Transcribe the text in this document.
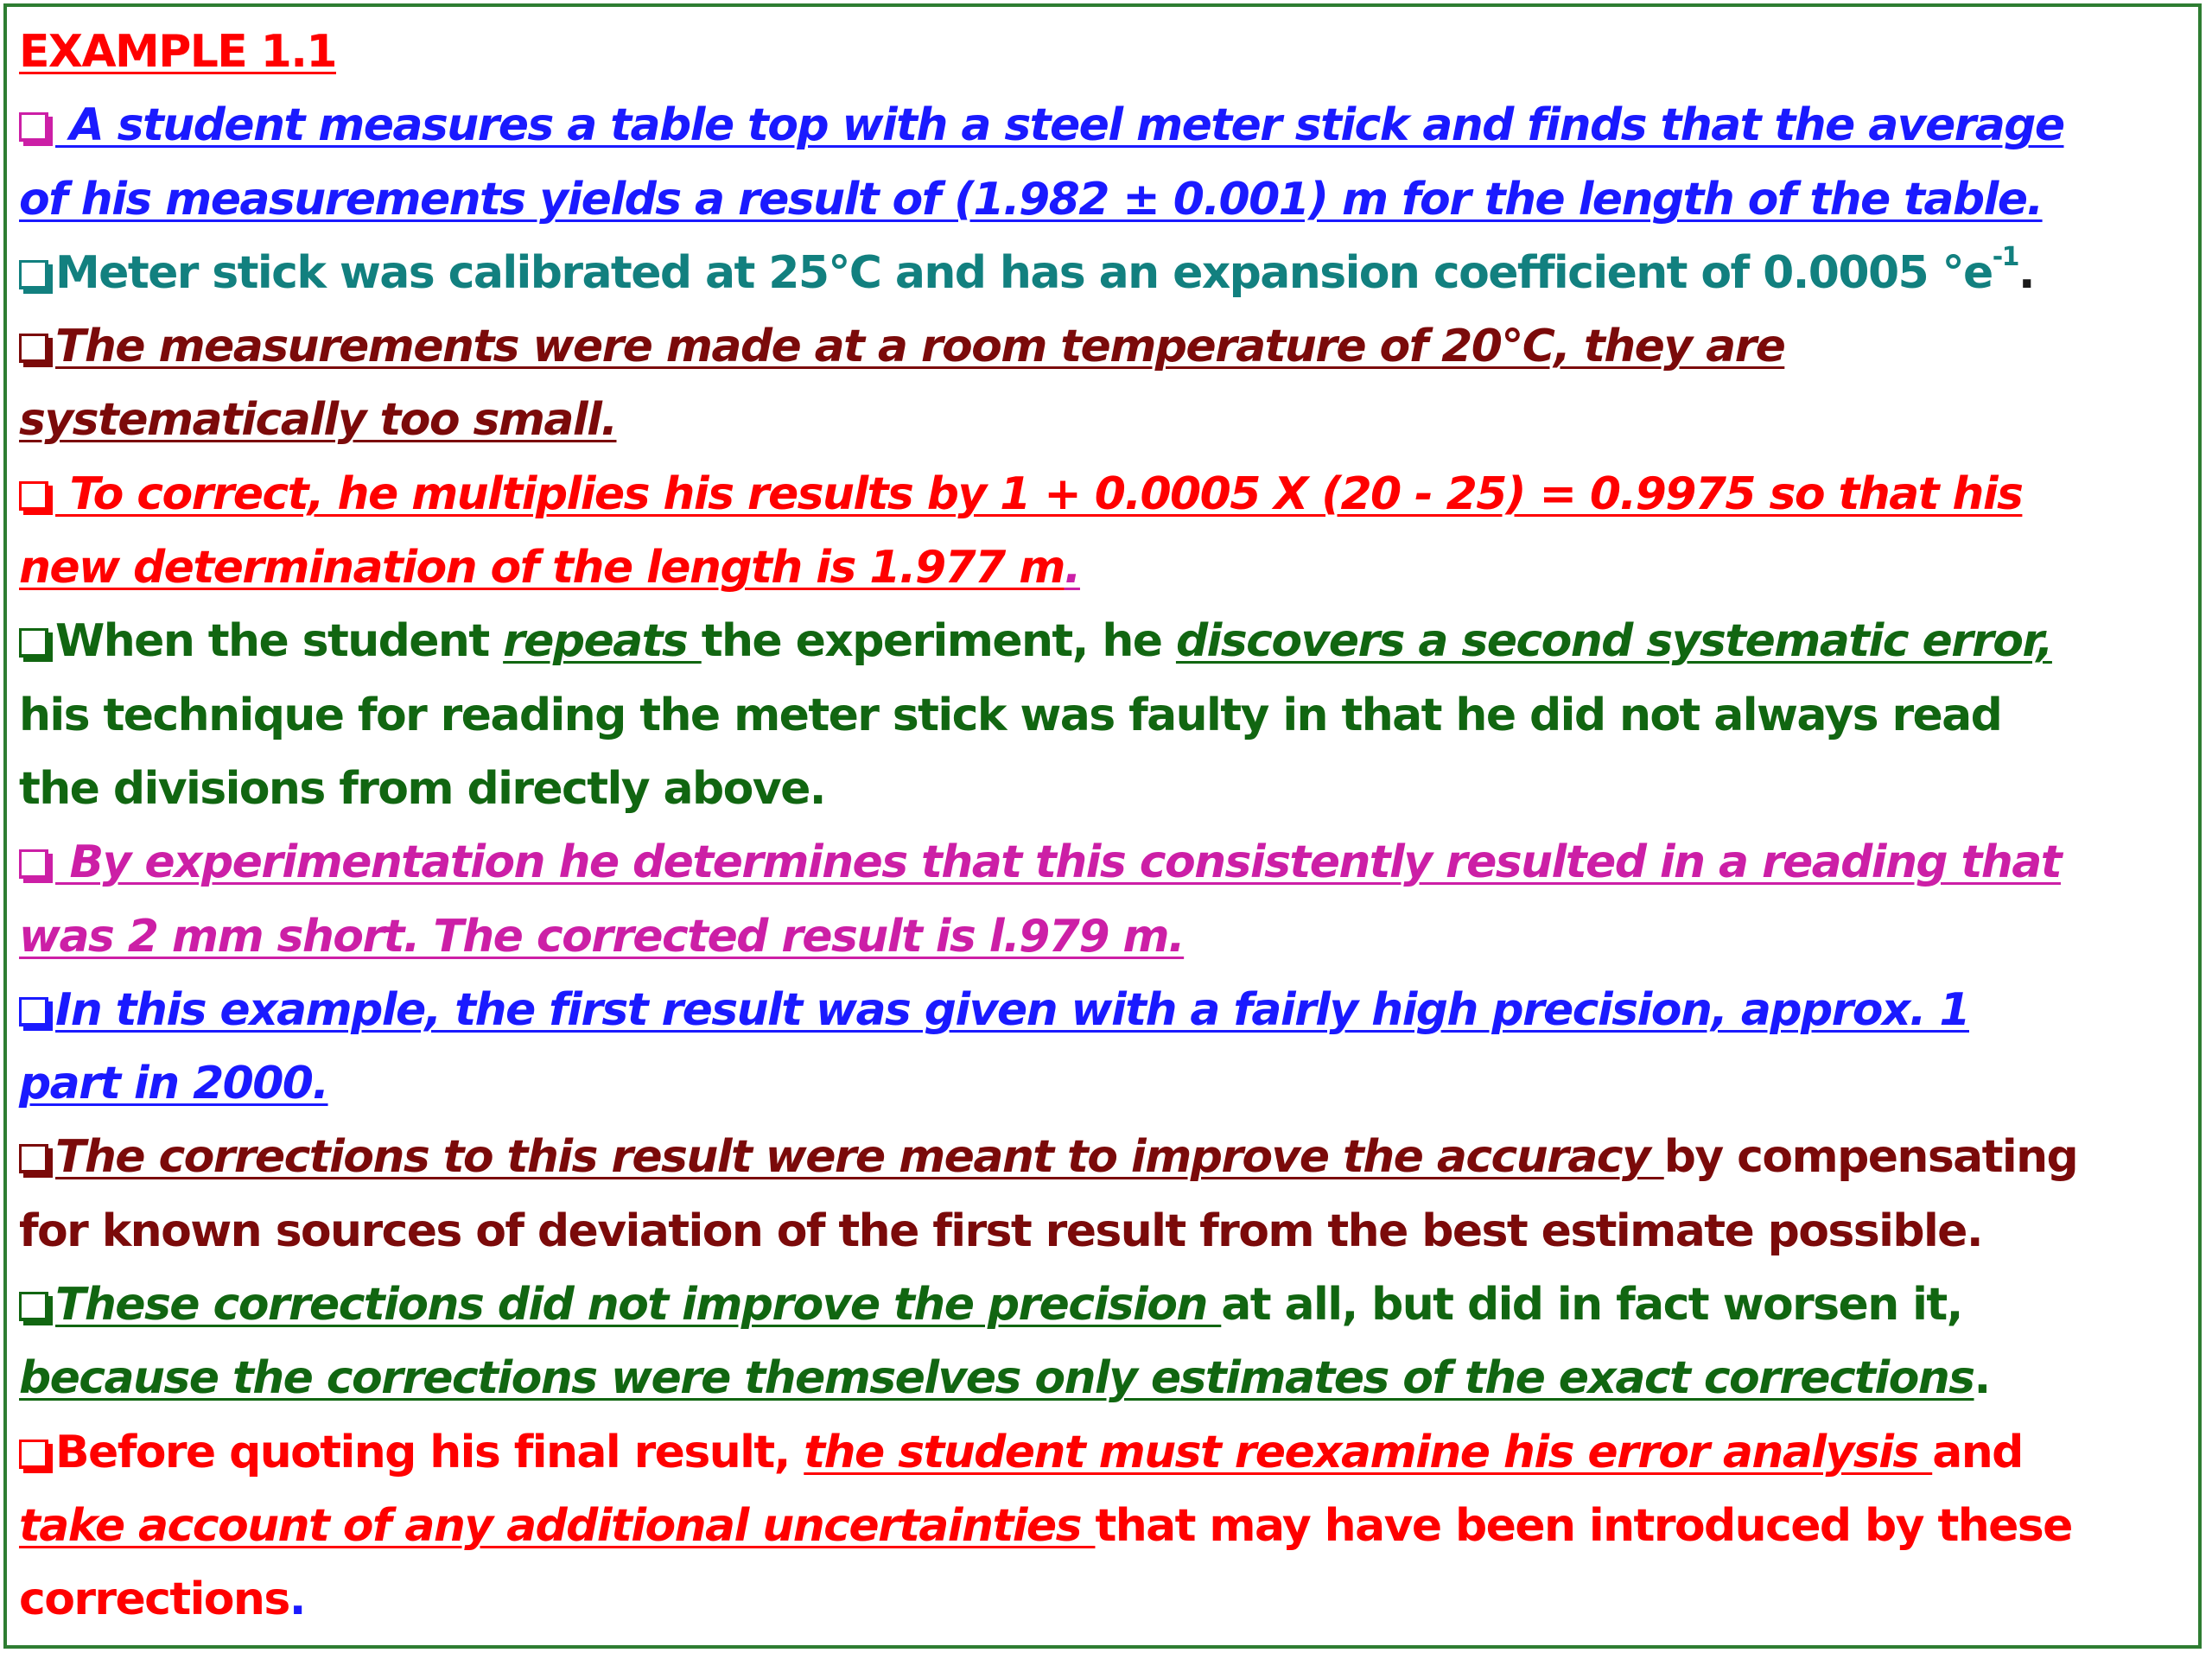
EXAMPLE 1.1
A student measures a table top with a steel meter stick and finds that the average
of his measurements yields a result of (1.982 ± 0.001) m for the length of the table.
Meter stick was calibrated at 25°C and has an expansion coefficient of 0.0005 $^\circ e^{-1}$.
The measurements were made at a room temperature of 20°C, they are
systematically too small.
To correct, he multiplies his results by 1 + 0.0005 X (20 - 25) = 0.9975 so that his
new determination of the length is 1.977 m.
When the student repeats the experiment, he discovers a second systematic error,
his technique for reading the meter stick was faulty in that he did not always read
the divisions from directly above.
By experimentation he determines that this consistently resulted in a reading that
was 2 mm short. The corrected result is l.979 m.
In this example, the first result was given with a fairly high precision, approx. 1
part in 2000.
The corrections to this result were meant to improve the accuracy by compensating
for known sources of deviation of the first result from the best estimate possible.
These corrections did not improve the precision at all, but did in fact worsen it,
because the corrections were themselves only estimates of the exact corrections.
Before quoting his final result, the student must reexamine his error analysis and
take account of any additional uncertainties that may have been introduced by these
corrections.
